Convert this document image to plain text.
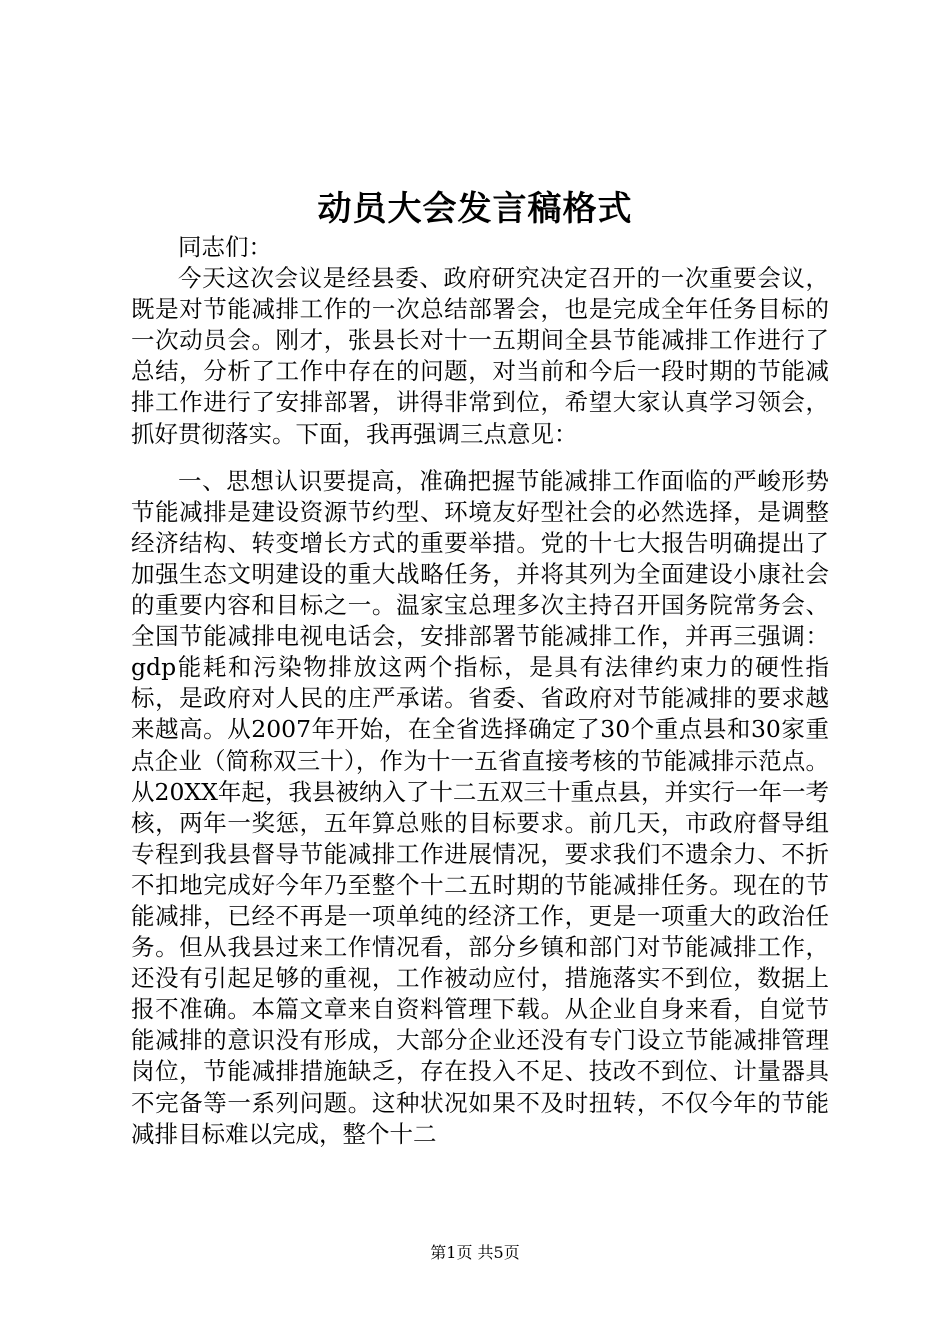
动员大会发言稿格式

同志们：

今天这次会议是经县委、政府研究决定召开的一次重要会议，既是对节能减排工作的一次总结部署会，也是完成全年任务目标的一次动员会。刚才，张县长对十一五期间全县节能减排工作进行了总结，分析了工作中存在的问题，对当前和今后一段时期的节能减排工作进行了安排部署，讲得非常到位，希望大家认真学习领会，抓好贯彻落实。下面，我再强调三点意见：

一、思想认识要提高，准确把握节能减排工作面临的严峻形势节能减排是建设资源节约型、环境友好型社会的必然选择，是调整经济结构、转变增长方式的重要举措。党的十七大报告明确提出了加强生态文明建设的重大战略任务，并将其列为全面建设小康社会的重要内容和目标之一。温家宝总理多次主持召开国务院常务会、全国节能减排电视电话会，安排部署节能减排工作，并再三强调：gdp能耗和污染物排放这两个指标，是具有法律约束力的硬性指标，是政府对人民的庄严承诺。省委、省政府对节能减排的要求越来越高。从2007年开始，在全省选择确定了30个重点县和30家重点企业（简称双三十），作为十一五省直接考核的节能减排示范点。从20XX年起，我县被纳入了十二五双三十重点县，并实行一年一考核，两年一奖惩，五年算总账的目标要求。前几天，市政府督导组专程到我县督导节能减排工作进展情况，要求我们不遗余力、不折不扣地完成好今年乃至整个十二五时期的节能减排任务。现在的节能减排，已经不再是一项单纯的经济工作，更是一项重大的政治任务。但从我县过来工作情况看，部分乡镇和部门对节能减排工作，还没有引起足够的重视，工作被动应付，措施落实不到位，数据上报不准确。本篇文章来自资料管理下载。从企业自身来看，自觉节能减排的意识没有形成，大部分企业还没有专门设立节能减排管理岗位，节能减排措施缺乏，存在投入不足、技改不到位、计量器具不完备等一系列问题。这种状况如果不及时扭转，不仅今年的节能减排目标难以完成，整个十二

第1页 共5页
